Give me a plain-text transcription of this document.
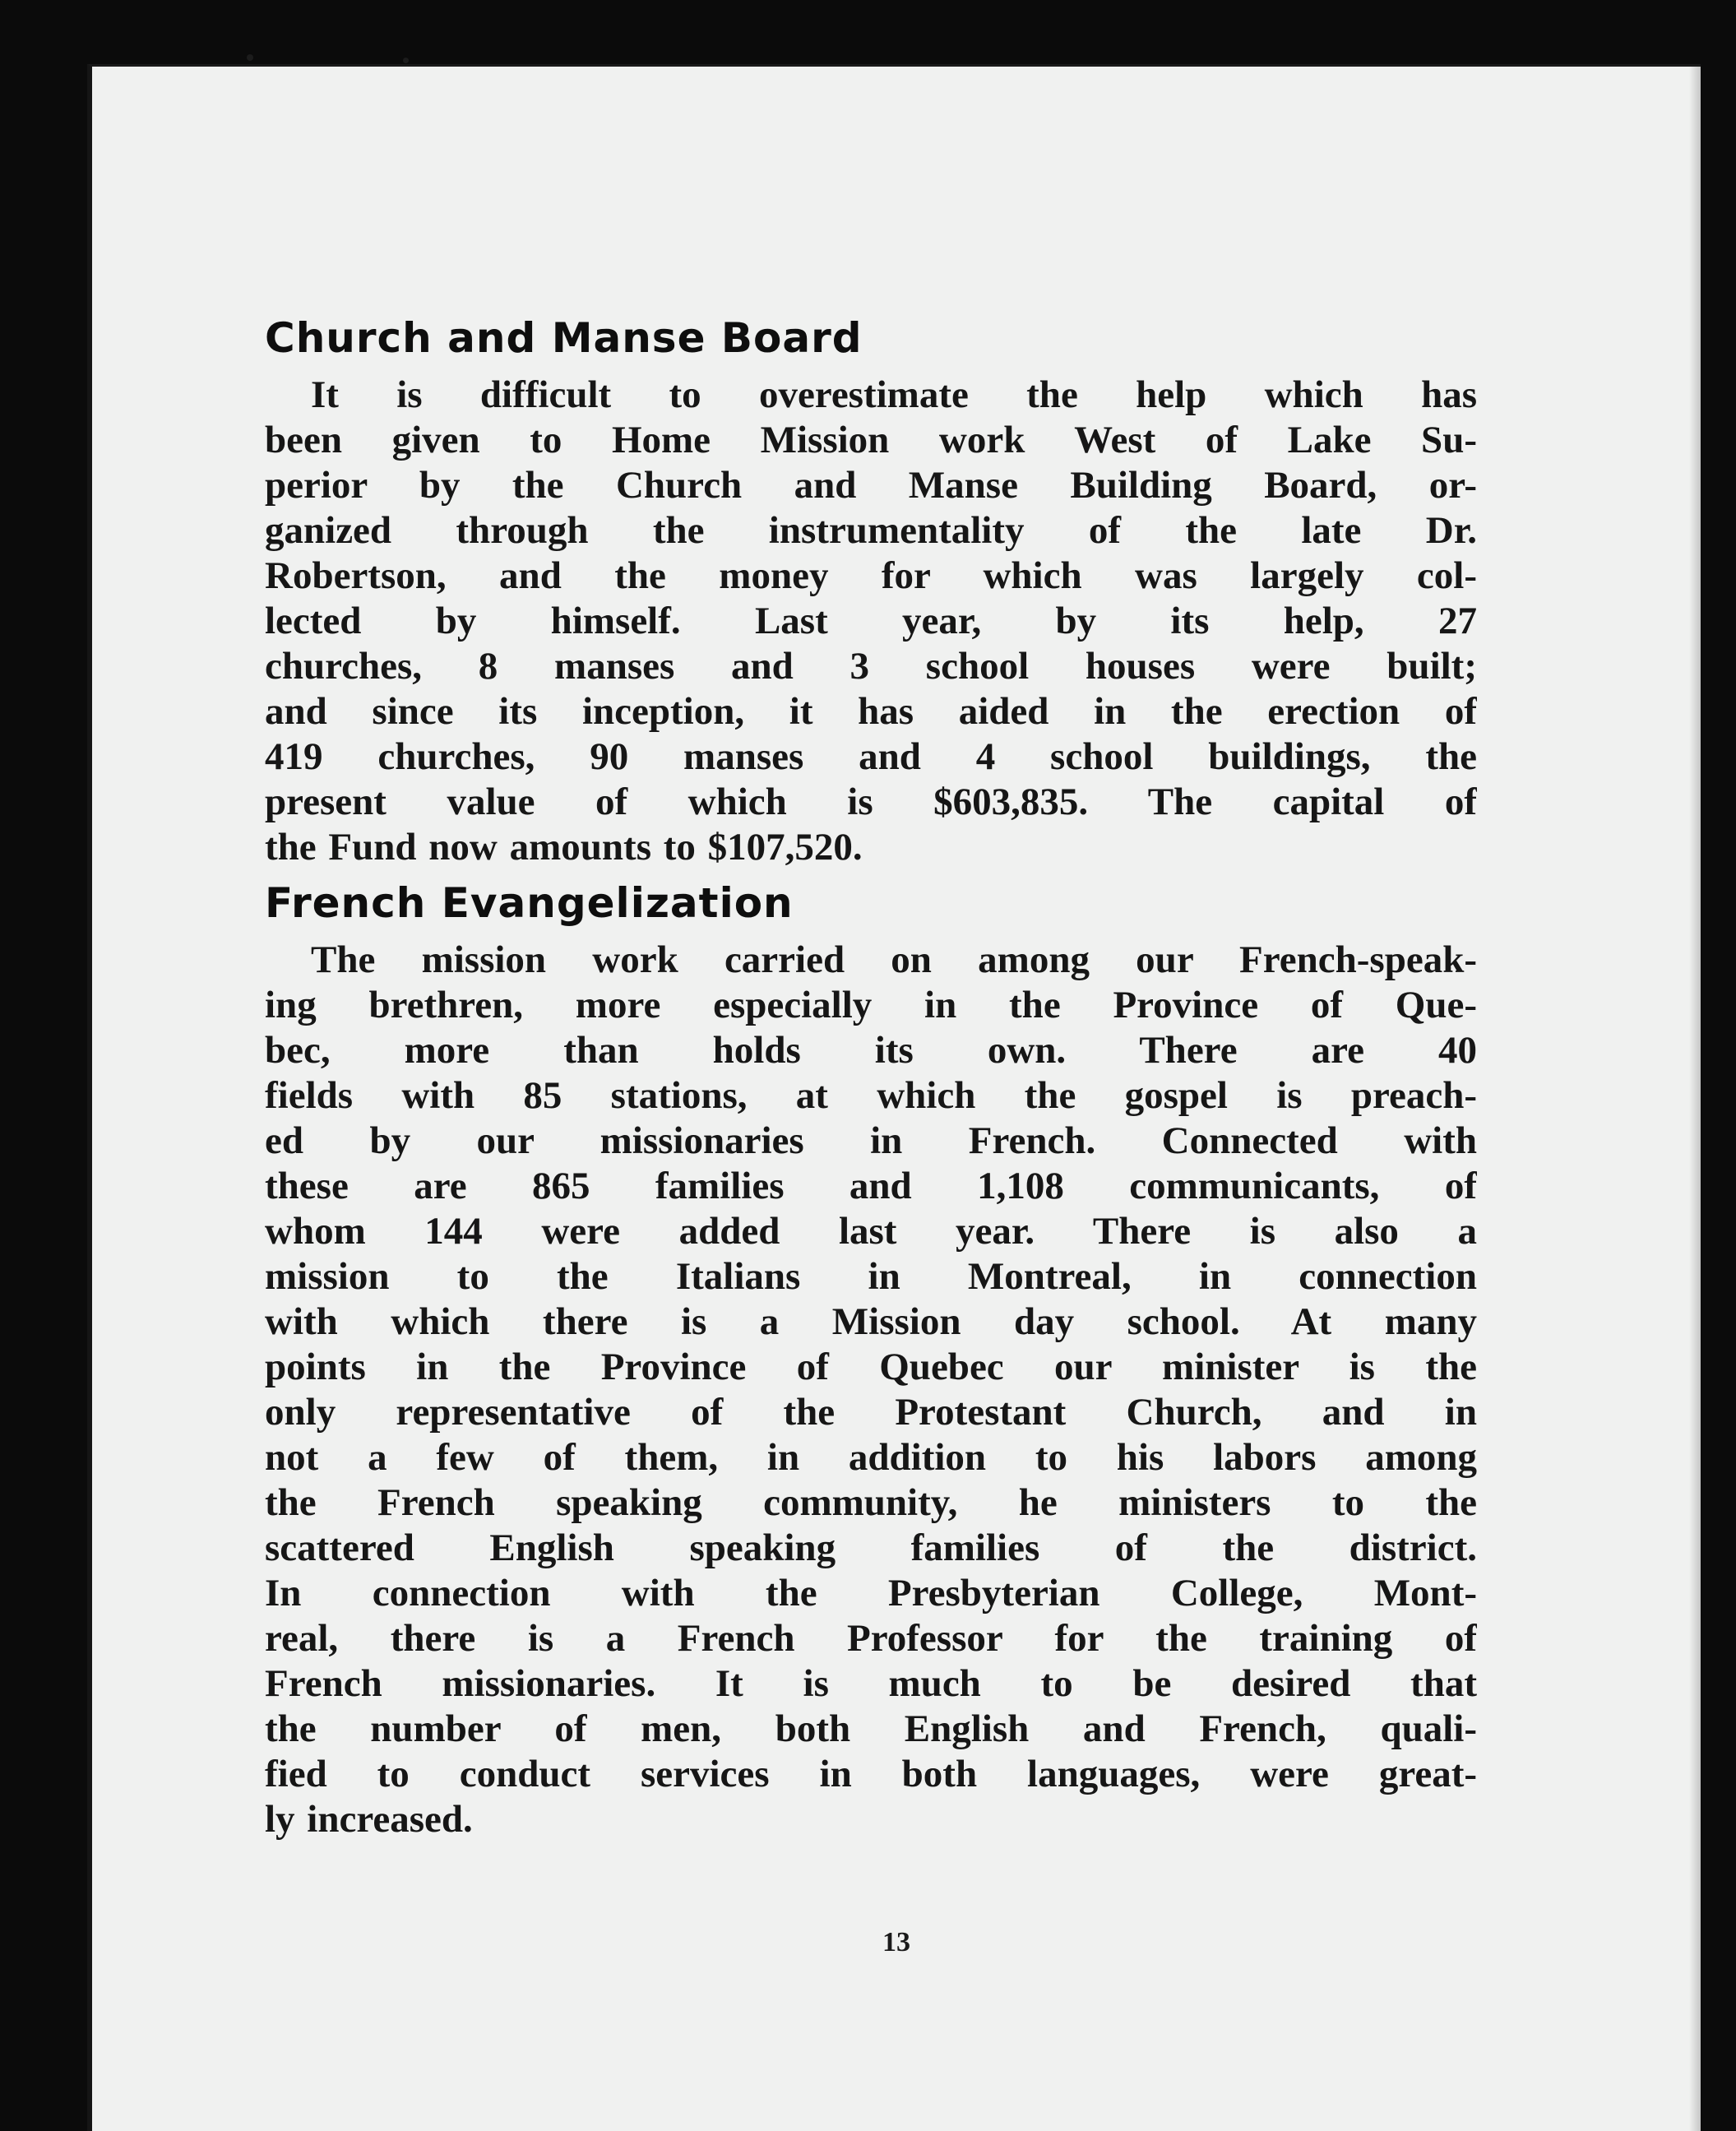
Church and Manse Board

It is difficult to overestimate the help which has
been given to Home Mission work West of Lake Su-
perior by the Church and Manse Building Board, or-
ganized through the instrumentality of the late Dr.
Robertson, and the money for which was largely col-
lected by himself. Last year, by its help, 27
churches, 8 manses and 3 school houses were built;
and since its inception, it has aided in the erection of
419 churches, 90 manses and 4 school buildings, the
present value of which is $603,835. The capital of
the Fund now amounts to $107,520.

French Evangelization

The mission work carried on among our French-speak-
ing brethren, more especially in the Province of Que-
bec, more than holds its own. There are 40
fields with 85 stations, at which the gospel is preach-
ed by our missionaries in French. Connected with
these are 865 families and 1,108 communicants, of
whom 144 were added last year. There is also a
mission to the Italians in Montreal, in connection
with which there is a Mission day school. At many
points in the Province of Quebec our minister is the
only representative of the Protestant Church, and in
not a few of them, in addition to his labors among
the French speaking community, he ministers to the
scattered English speaking families of the district.
In connection with the Presbyterian College, Mont-
real, there is a French Professor for the training of
French missionaries. It is much to be desired that
the number of men, both English and French, quali-
fied to conduct services in both languages, were great-
ly increased.

13
